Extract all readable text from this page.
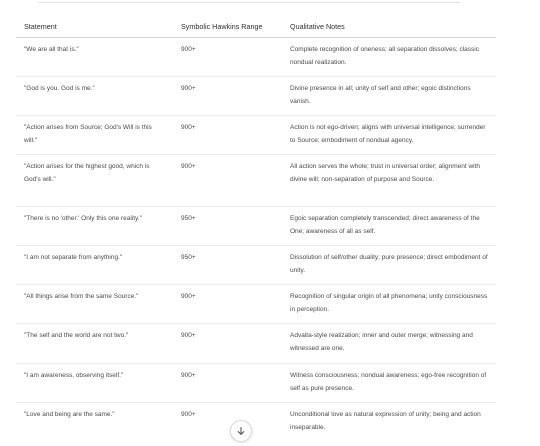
Statement	Symbolic Hawkins Range	Qualitative Notes
"We are all that is."	900+	Complete recognition of oneness; all separation dissolves; classic nondual realization.
"God is you. God is me."	900+	Divine presence in all; unity of self and other; egoic distinctions vanish.
"Action arises from Source; God's Will is this will."	900+	Action is not ego-driven; aligns with universal intelligence; surrender to Source; embodiment of nondual agency.
"Action arises for the highest good, which is God's will."	900+	All action serves the whole; trust in universal order; alignment with divine will; non-separation of purpose and Source.
"There is no 'other.' Only this one reality."	950+	Egoic separation completely transcended; direct awareness of the One; awareness of all as self.
"I am not separate from anything."	950+	Dissolution of self/other duality; pure presence; direct embodiment of unity.
"All things arise from the same Source."	900+	Recognition of singular origin of all phenomena; unity consciousness in perception.
"The self and the world are not two."	900+	Advaita-style realization; inner and outer merge; witnessing and witnessed are one.
"I am awareness, observing itself."	900+	Witness consciousness; nondual awareness; ego-free recognition of self as pure presence.
"Love and being are the same."	900+	Unconditional love as natural expression of unity; being and action inseparable.
